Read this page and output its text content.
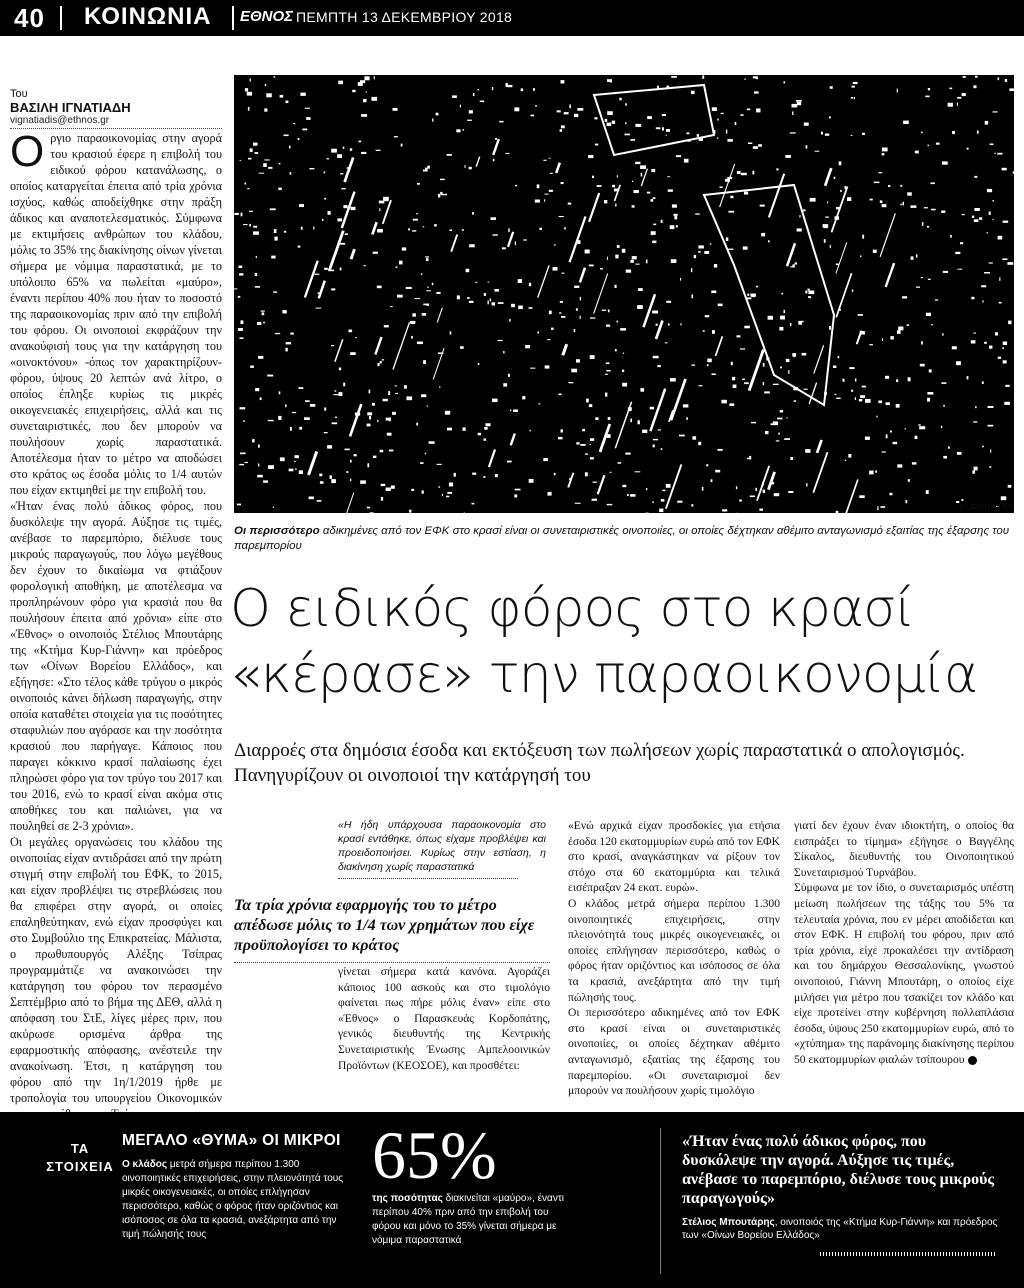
40 ΚΟΙΝΩΝΙΑ ΕΘΝΟΣ ΠΕΜΠΤΗ 13 ΔΕΚΕΜΒΡΙΟΥ 2018
Του
ΒΑΣΙΛΗ ΙΓΝΑΤΙΑΔΗ
vignatiadis@ethnos.gr

Οργιο παραοικονομίας στην αγορά του κρασιού έφερε η επιβολή του ειδικού φόρου κατανάλωσης, ο οποίος καταργείται έπειτα από τρία χρόνια ισχύος, καθώς αποδείχθηκε στην πράξη άδικος και αναποτελεσματικός. Σύμφωνα με εκτιμήσεις ανθρώπων του κλάδου, μόλις το 35% της διακίνησης οίνων γίνεται σήμερα με νόμιμα παραστατικά, με το υπόλοιπο 65% να πωλείται «μαύρο», έναντι περίπου 40% που ήταν το ποσοστό της παραοικονομίας πριν από την επιβολή του φόρου. Οι οινοποιοί εκφράζουν την ανακούφισή τους για την κατάργηση του «οινοκτόνου» -όπως τον χαρακτηρίζουν- φόρου, ύψους 20 λεπτών ανά λίτρο, ο οποίος έπληξε κυρίως τις μικρές οικογενειακές επιχειρήσεις, αλλά και τις συνεταιριστικές, που δεν μπορούν να πουλήσουν χωρίς παραστατικά. Αποτέλεσμα ήταν το μέτρο να αποδώσει στο κράτος ως έσοδα μόλις το 1/4 αυτών που είχαν εκτιμηθεί με την επιβολή του.

«Ήταν ένας πολύ άδικος φόρος, που δυσκόλεψε την αγορά. Αύξησε τις τιμές, ανέβασε το παρεμπόριο, διέλυσε τους μικρούς παραγωγούς, που λόγω μεγέθους δεν έχουν το δικαίωμα να φτιάξουν φορολογική αποθήκη, με αποτέλεσμα να προπληρώνουν φόρο για κρασιά που θα πουλήσουν έπειτα από χρόνια» είπε στο «Έθνος» ο οινοποιός Στέλιος Μπουτάρης της «Κτήμα Κυρ-Γιάννη» και πρόεδρος των «Οίνων Βορείου Ελλάδος», και εξήγησε: «Στο τέλος κάθε τρύγου ο μικρός οινοποιός κάνει δήλωση παραγωγής, στην οποία καταθέτει στοιχεία για τις ποσότητες σταφυλιών που αγόρασε και την ποσότητα κρασιού που παρήγαγε. Κάποιος που παραγει κόκκινο κρασί παλαίωσης έχει πληρώσει φόρο για τον τρύγο του 2017 και του 2016, ενώ το κρασί είναι ακόμα στις αποθήκες του και παλιώνει, για να πουληθεί σε 2-3 χρόνια».

Οι μεγάλες οργανώσεις του κλάδου της οινοποιίας είχαν αντιδράσει από την πρώτη στιγμή στην επιβολή του ΕΦΚ, το 2015, και είχαν προβλέψει τις στρεβλώσεις που θα επιφέρει στην αγορά, οι οποίες επαληθεύτηκαν, ενώ είχαν προσφύγει και στο Συμβούλιο της Επικρατείας. Μάλιστα, ο πρωθυπουργός Αλέξης Τσίπρας προγραμμάτιζε να ανακοινώσει την κατάργηση του φόρου τον περασμένο Σεπτέμβριο από το βήμα της ΔΕΘ, αλλά η απόφαση του ΣτΕ, λίγες μέρες πριν, που ακύρωσε ορισμένα άρθρα της εφαρμοστικής απόφασης, ανέστειλε την ανακοίνωση. Έτσι, η κατάργηση του φόρου από την 1η/1/2019 ήρθε με τροπολογία του υπουργείου Οικονομικών

EUROKINISSI
Οι περισσότερο αδικημένες από τον ΕΦΚ στο κρασί είναι οι συνεταιριστικές οινοποιίες, οι οποίες δέχτηκαν αθέμιτο ανταγωνισμό εξαιτίας της έξαρσης του παρεμπορίου
Ο ειδικός φόρος στο κρασί
«κέρασε» την παραοικονομία
Διαρροές στα δημόσια έσοδα και εκτόξευση των πωλήσεων χωρίς παραστατικά ο απολογισμός. Πανηγυρίζουν οι οινοποιοί την κατάργησή του
«Η ήδη υπάρχουσα παραοικονομία στο κρασί εντάθηκε, όπως είχαμε προβλέψει και προειδοποιήσει. Κυρίως στην εστίαση, η διακίνηση χωρίς παραστατικά
Τα τρία χρόνια εφαρμογής του το μέτρο απέδωσε μόλις το 1/4 των χρημάτων που είχε προϋπολογίσει το κράτος
γίνεται σήμερα κατά κανόνα. Αγοράζει κάποιος 100 ασκούς και στο τιμολόγιο φαίνεται πως πήρε μόλις έναν» είπε στο «Έθνος» ο Παρασκευάς Κορδοπάτης, γενικός διευθυντής της Κεντρικής Συνεταιριστικής Ένωσης Αμπελοοινικών Προϊόντων (ΚΕΟΣΟΕ), και προσθέτει:

«Ενώ αρχικά είχαν προσδοκίες για ετήσια έσοδα 120 εκατομμυρίων ευρώ από τον ΕΦΚ στο κρασί, αναγκάστηκαν να ρίξουν τον στόχο στα 60 εκατομμύρια και τελικά εισέπραξαν 24 εκατ. ευρώ».

Ο κλάδος μετρά σήμερα περίπου 1.300 οινοποιητικές επιχειρήσεις, στην πλειονότητά τους μικρές οικογενειακές, οι οποίες επλήγησαν περισσότερο, καθώς ο φόρος ήταν οριζόντιος και ισόποσος σε όλα τα κρασιά, ανεξάρτητα από την τιμή πώλησής τους.

Οι περισσότερο αδικημένες από τον ΕΦΚ στο κρασί είναι οι συνεταιριστικές οινοποιίες, οι οποίες δέχτηκαν αθέμιτο ανταγωνισμό, εξαιτίας της έξαρσης του παρεμπορίου. «Οι συνεταιρισμοί δεν μπορούν να πουλήσουν χωρίς τιμολόγιο

γιατί δεν έχουν έναν ιδιοκτήτη, ο οποίος θα εισπράξει το τίμημα» εξήγησε ο Βαγγέλης Σίκαλος, διευθυντής του Οινοποιητικού Συνεταιρισμού Τυρνάβου.

Σύμφωνα με τον ίδιο, ο συνεταιρισμός υπέστη μείωση πωλήσεων της τάξης του 5% τα τελευταία χρόνια, που εν μέρει αποδίδεται και στον ΕΦΚ. Η επιβολή του φόρου, πριν από τρία χρόνια, είχε προκαλέσει την αντίδραση και του δημάρχου Θεσσαλονίκης, γνωστού οινοποιού, Γιάννη Μπουτάρη, ο οποίος είχε μιλήσει για μέτρο που τσακίζει τον κλάδο και είχε προτείνει στην κυβέρνηση πολλαπλάσια έσοδα, ύψους 250 εκατομμυρίων ευρώ, από το «χτύπημα» της παράνομης διακίνησης περίπου 50 εκατομμυρίων φιαλών τσίπουρου

ΤΑ
ΣΤΟΙΧΕΙΑ
ΜΕΓΑΛΟ «ΘΥΜΑ» ΟΙ ΜΙΚΡΟΙ
Ο κλάδος μετρά σήμερα περίπου 1.300 οινοποιητικές επιχειρήσεις, στην πλειονότητά τους μικρές οικογενειακές, οι οποίες επλήγησαν περισσότερο, καθώς ο φόρος ήταν οριζόντιος και ισόποσος σε όλα τα κρασιά, ανεξάρτητα από την τιμή πώλησής τους
65%
της ποσότητας διακινείται «μαύρο», έναντι περίπου 40% πριν από την επιβολή του φόρου και μόνο το 35% γίνεται σήμερα με νόμιμα παραστατικά
«Ήταν ένας πολύ άδικος φόρος, που δυσκόλεψε την αγορά. Αύξησε τις τιμές, ανέβασε το παρεμπόριο, διέλυσε τους μικρούς παραγωγούς»
Στέλιος Μπουτάρης, οινοποιός της «Κτήμα Κυρ-Γιάννη» και πρόεδρος των «Οίνων Βορείου Ελλάδος»
